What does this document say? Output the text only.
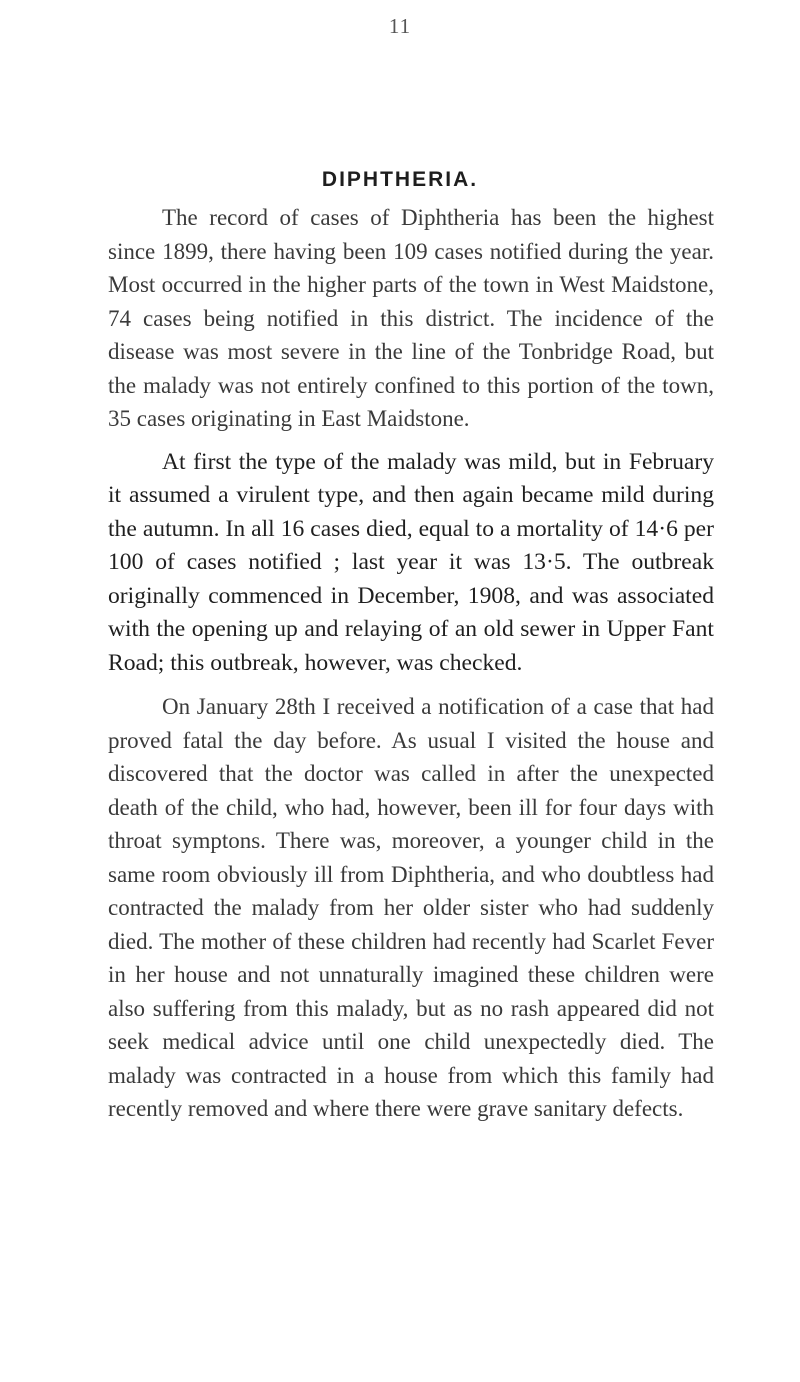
11
DIPHTHERIA.

The record of cases of Diphtheria has been the highest since 1899, there having been 109 cases notified during the year. Most occurred in the higher parts of the town in West Maidstone, 74 cases being notified in this district. The incidence of the disease was most severe in the line of the Tonbridge Road, but the malady was not entirely confined to this portion of the town, 35 cases originating in East Maidstone.

At first the type of the malady was mild, but in February it assumed a virulent type, and then again became mild during the autumn. In all 16 cases died, equal to a mortality of 14·6 per 100 of cases notified ; last year it was 13·5. The outbreak originally commenced in December, 1908, and was associated with the opening up and relaying of an old sewer in Upper Fant Road; this outbreak, however, was checked.

On January 28th I received a notification of a case that had proved fatal the day before. As usual I visited the house and discovered that the doctor was called in after the unexpected death of the child, who had, however, been ill for four days with throat symptons. There was, moreover, a younger child in the same room obviously ill from Diphtheria, and who doubtless had contracted the malady from her older sister who had suddenly died. The mother of these children had recently had Scarlet Fever in her house and not unnaturally imagined these children were also suffering from this malady, but as no rash appeared did not seek medical advice until one child unexpectedly died. The malady was contracted in a house from which this family had recently removed and where there were grave sanitary defects.
